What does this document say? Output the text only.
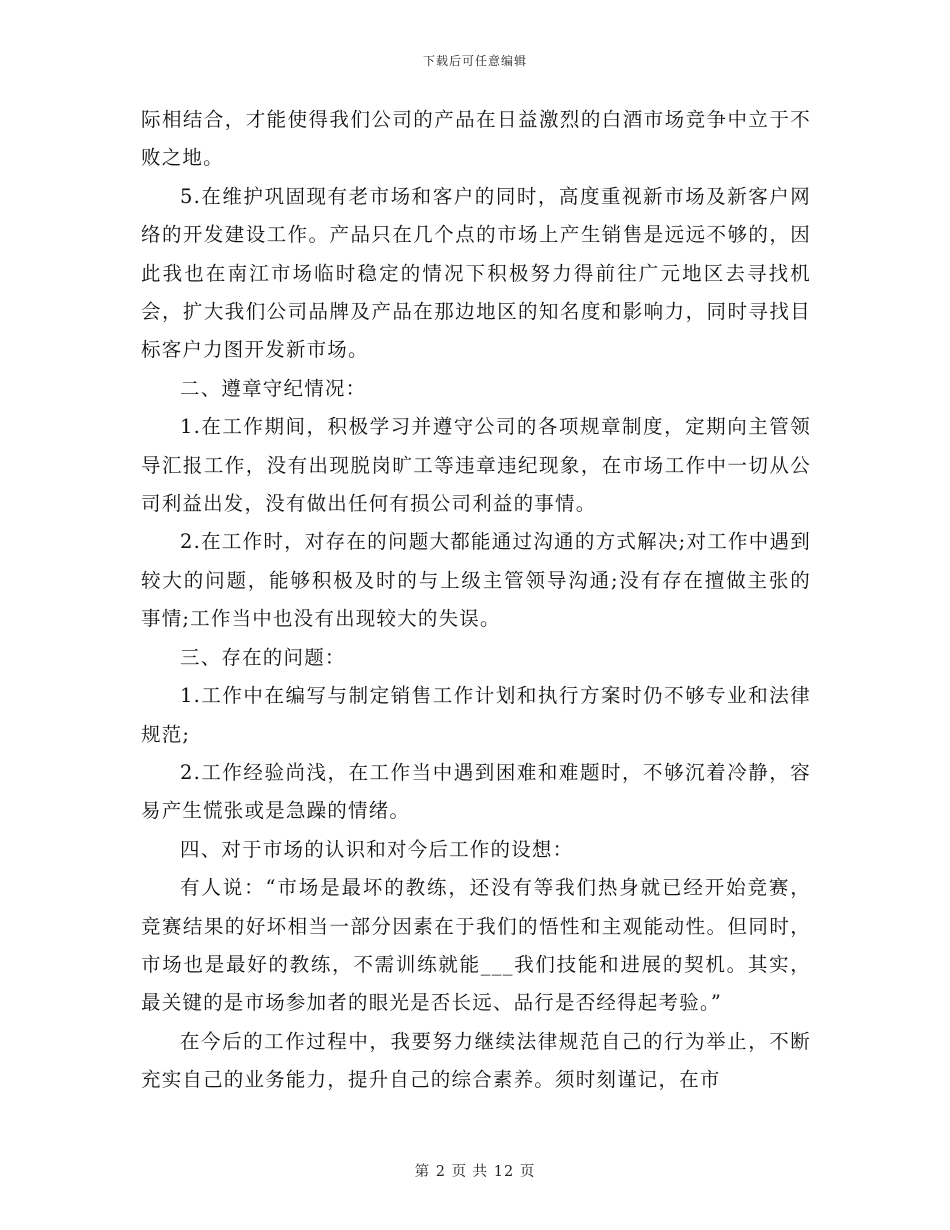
下载后可任意编辑

际相结合，才能使得我们公司的产品在日益激烈的白酒市场竞争中立于不败之地。

5.在维护巩固现有老市场和客户的同时，高度重视新市场及新客户网络的开发建设工作。产品只在几个点的市场上产生销售是远远不够的，因此我也在南江市场临时稳定的情况下积极努力得前往广元地区去寻找机会，扩大我们公司品牌及产品在那边地区的知名度和影响力，同时寻找目标客户力图开发新市场。

二、遵章守纪情况：

1.在工作期间，积极学习并遵守公司的各项规章制度，定期向主管领导汇报工作，没有出现脱岗旷工等违章违纪现象，在市场工作中一切从公司利益出发，没有做出任何有损公司利益的事情。

2.在工作时，对存在的问题大都能通过沟通的方式解决;对工作中遇到较大的问题，能够积极及时的与上级主管领导沟通;没有存在擅做主张的事情;工作当中也没有出现较大的失误。

三、存在的问题：

1.工作中在编写与制定销售工作计划和执行方案时仍不够专业和法律规范;

2.工作经验尚浅，在工作当中遇到困难和难题时，不够沉着冷静，容易产生慌张或是急躁的情绪。

四、对于市场的认识和对今后工作的设想：

有人说：“市场是最坏的教练，还没有等我们热身就已经开始竞赛，竞赛结果的好坏相当一部分因素在于我们的悟性和主观能动性。但同时，市场也是最好的教练，不需训练就能___我们技能和进展的契机。其实，最关键的是市场参加者的眼光是否长远、品行是否经得起考验。”

在今后的工作过程中，我要努力继续法律规范自己的行为举止，不断充实自己的业务能力，提升自己的综合素养。须时刻谨记，在市

第 2 页 共 12 页
